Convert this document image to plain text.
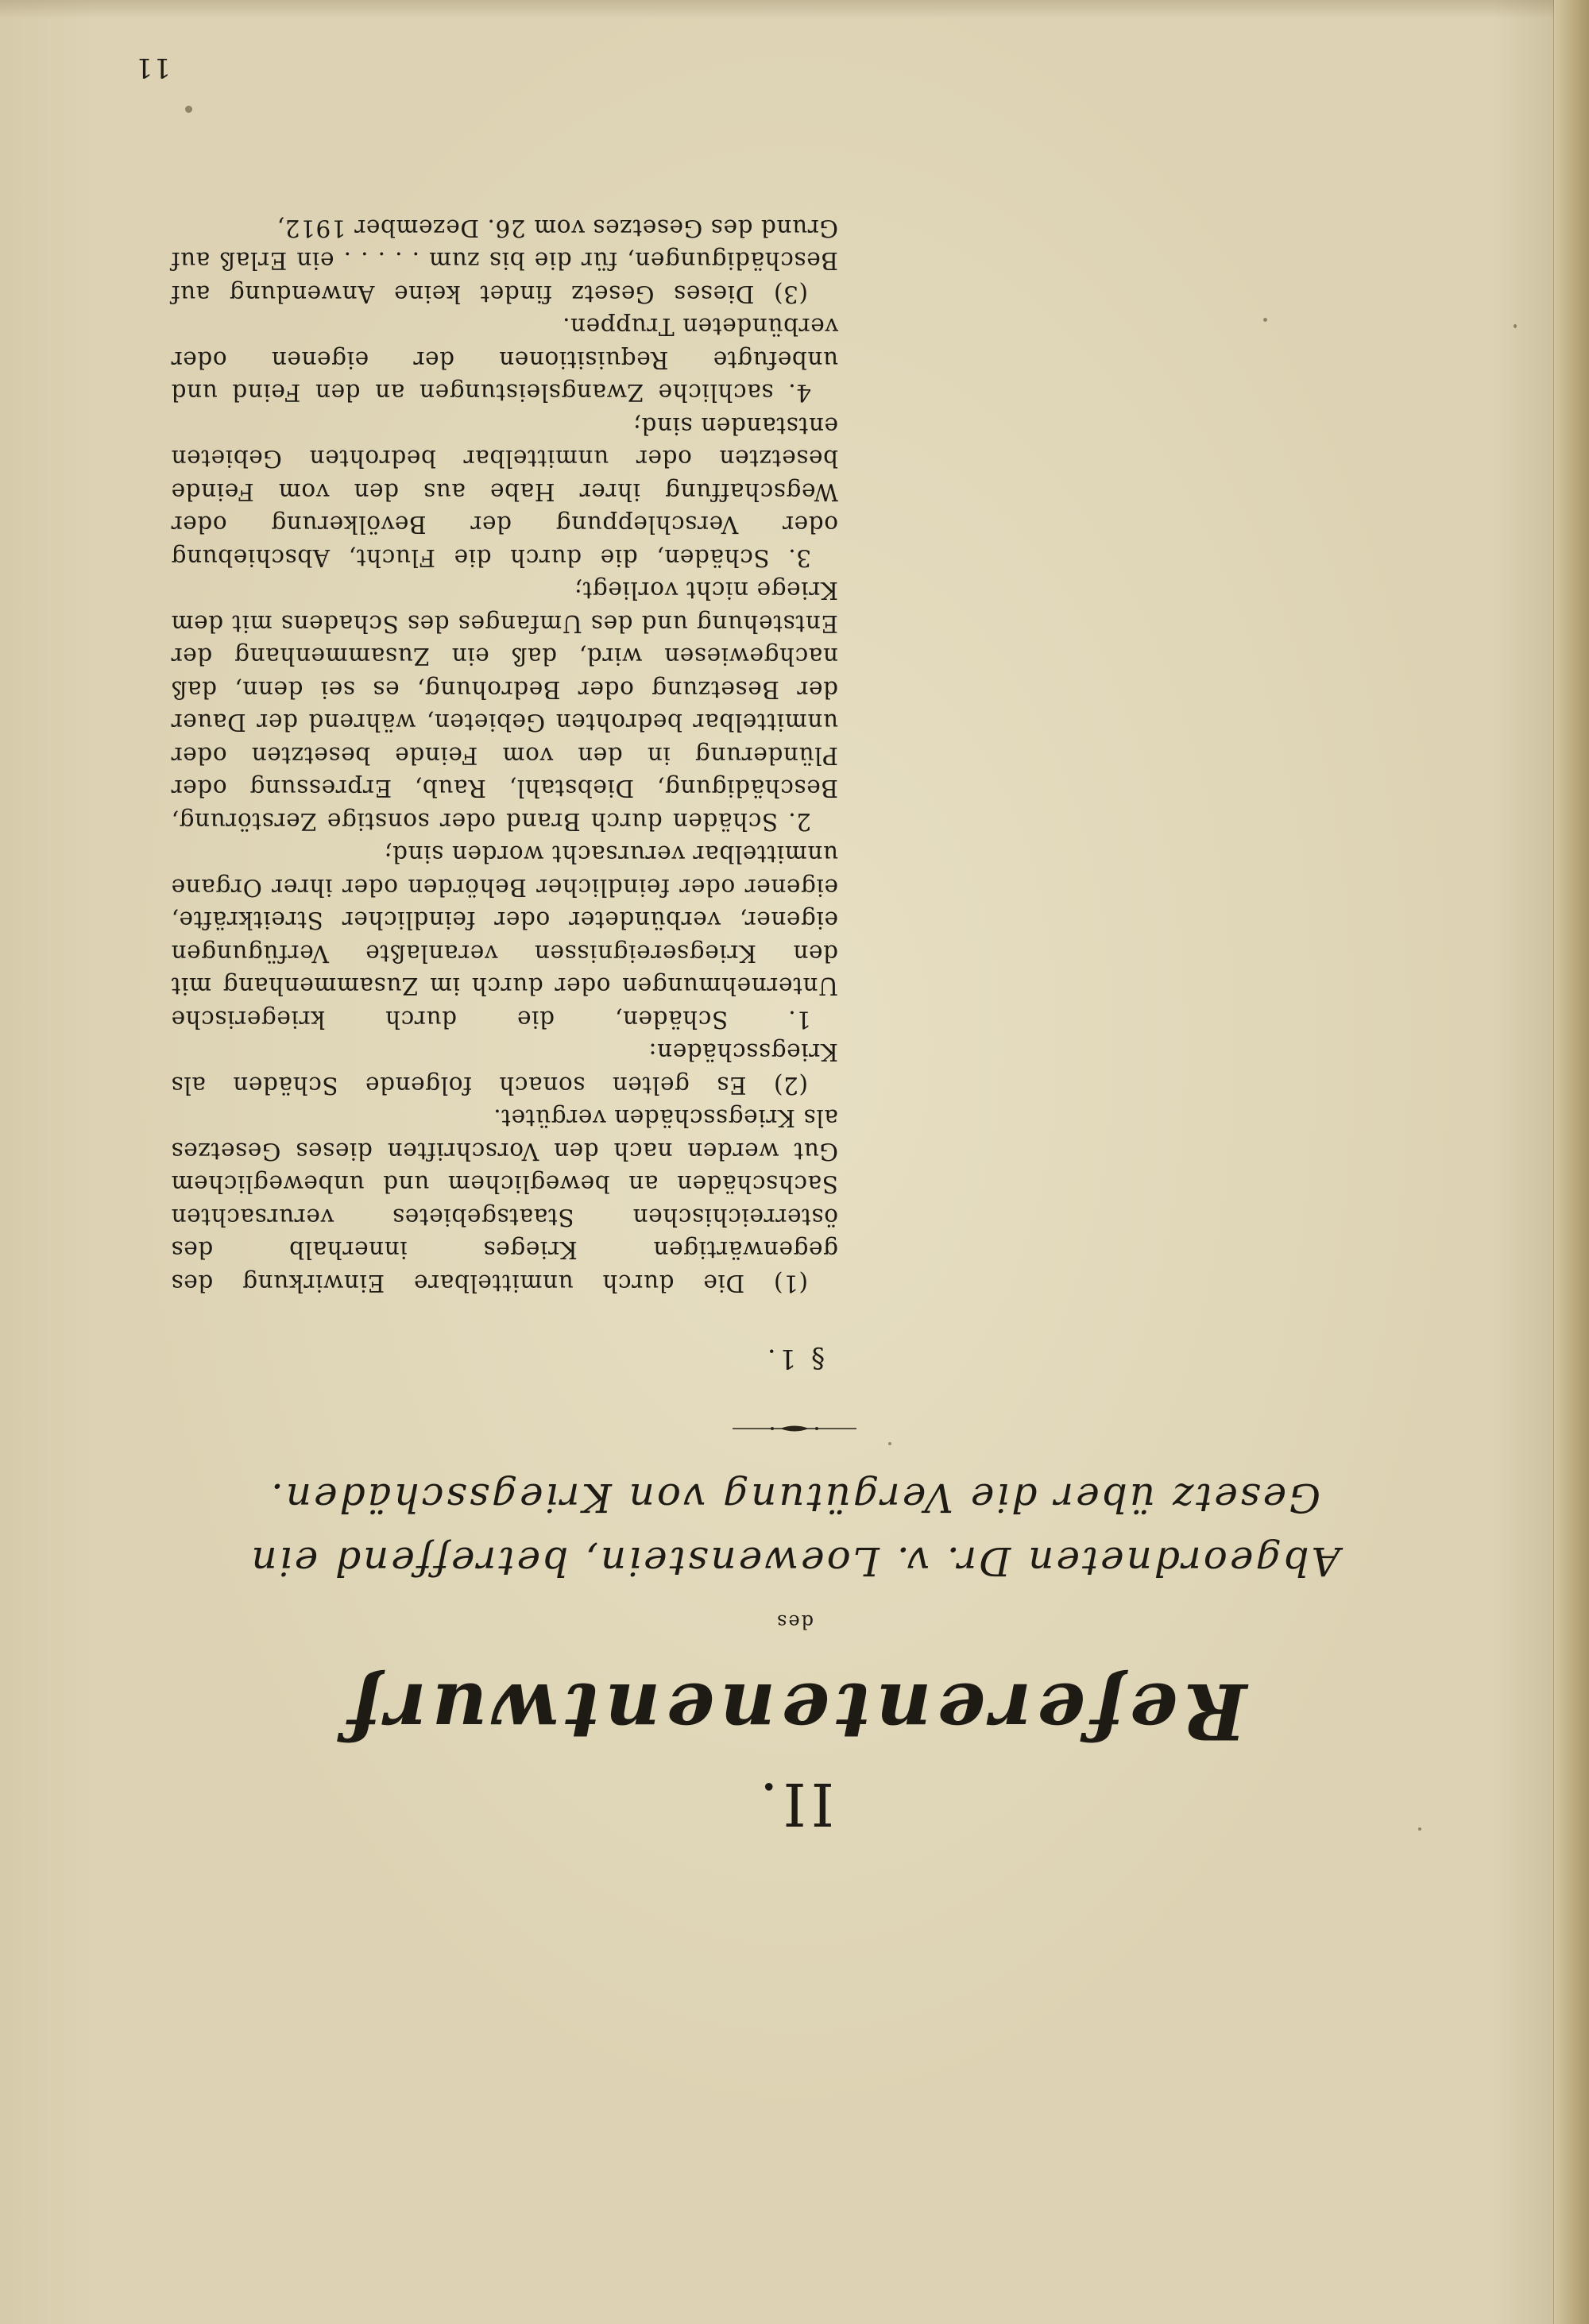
11
II.
Referentenentwurf
des
Abgeordneten Dr. v. Loewenstein, betreffend ein Gesetz über die Vergütung von Kriegsschäden.
§ 1.

(1) Die durch unmittelbare Einwirkung des gegenwärtigen Krieges innerhalb des österreichischen Staatsgebietes verursachten Sachschäden an beweglichem und unbeweglichem Gut werden nach den Vorschriften dieses Gesetzes als Kriegsschäden vergütet.

(2) Es gelten sonach folgende Schäden als Kriegsschäden:

1. Schäden, die durch kriegerische Unternehmungen oder durch im Zusammenhang mit den Kriegsereignissen veranlaßte Verfügungen eigener, verbündeter oder feindlicher Streitkräfte, eigener oder feindlicher Behörden oder ihrer Organe unmittelbar verursacht worden sind;

2. Schäden durch Brand oder sonstige Zerstörung, Beschädigung, Diebstahl, Raub, Erpressung oder Plünderung in den vom Feinde besetzten oder unmittelbar bedrohten Gebieten, während der Dauer der Besetzung oder Bedrohung, es sei denn, daß nachgewiesen wird, daß ein Zusammenhang der Entstehung und des Umfanges des Schadens mit dem Kriege nicht vorliegt;

3. Schäden, die durch die Flucht, Abschiebung oder Verschleppung der Bevölkerung oder Wegschaffung ihrer Habe aus den vom Feinde besetzten oder unmittelbar bedrohten Gebieten entstanden sind;

4. sachliche Zwangsleistungen an den Feind und unbefugte Requisitionen der eigenen oder verbündeten Truppen.

(3) Dieses Gesetz findet keine Anwendung auf Beschädigungen, für die bis zum . . . . . ein Erlaß auf Grund des Gesetzes vom 26. Dezember 1912,
